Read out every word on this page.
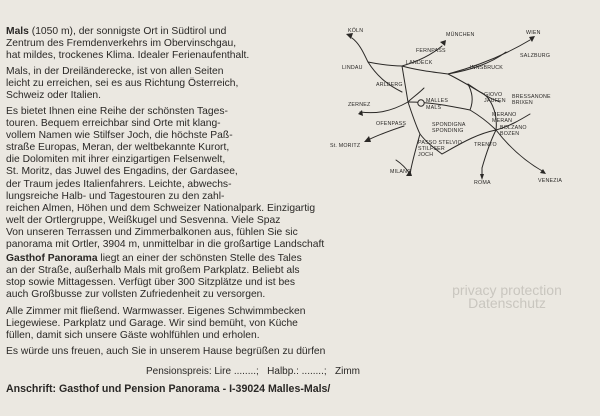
Mals (1050 m), der sonnigste Ort in Südtirol und

Zentrum des Fremdenverkehrs im Obervinschgau,

hat mildes, trockenes Klima. Idealer Ferienaufenthalt.

Mals, in der Dreiländerecke, ist von allen Seiten

leicht zu erreichen, sei es aus Richtung Österreich,

Schweiz oder Italien.

Es bietet Ihnen eine Reihe der schönsten Tages-

touren. Bequem erreichbar sind Orte mit klang-

vollem Namen wie Stilfser Joch, die höchste Paß-

straße Europas, Meran, der weltbekannte Kurort,

die Dolomiten mit ihrer einzigartigen Felsenwelt,

St. Moritz, das Juwel des Engadins, der Gardasee,

der Traum jedes Italienfahrers. Leichte, abwechs-

lungsreiche Halb- und Tagestouren zu den zahl-

reichen Almen, Höhen und dem Schweizer Nationalpark. Einzigartig

welt der Ortlergruppe, Weißkugel und Sesvenna. Viele Spaz

Von unseren Terrassen und Zimmerbalkonen aus, fühlen Sie sic

panorama mit Ortler, 3904 m, unmittelbar in die großartige Landschaft

Gasthof Panorama liegt an einer der schönsten Stelle des Tales

an der Straße, außerhalb Mals mit großem Parkplatz. Beliebt als

stop sowie Mittagessen. Verfügt über 300 Sitzplätze und ist bes

auch Großbusse zur vollsten Zufriedenheit zu versorgen.

Alle Zimmer mit fließend. Warmwasser. Eigenes Schwimmbecken

Liegewiese. Parkplatz und Garage. Wir sind bemüht, von Küche

füllen, damit sich unsere Gäste wohlfühlen und erholen.

Es würde uns freuen, auch Sie in unserem Hause begrüßen zu dürfen

Pensionspreis: Lire ........; Halbp.: ........; Zimm
Anschrift: Gasthof und Pension Panorama - I-39024 Malles-Mals/
privacy protection
Datenschutz
KÖLN	WIEN
MÜNCHEN
FERNPASS
SALZBURG
LINDAU
LANDECK
INNSBRUCK
ARLBERG
ZERNEZ
MALLES
MALS
GIOVO
JAUFEN
BRESSANONE
BRIXEN
OFENPASS
MERANO
MERAN
St. MORITZ
SPONDIGNA
SPONDINIG	BOLZANO
BOZEN
PASSO STELVIO
STILFSER
JOCH
TRENTO
MILANO
ROMA	VENEZIA
